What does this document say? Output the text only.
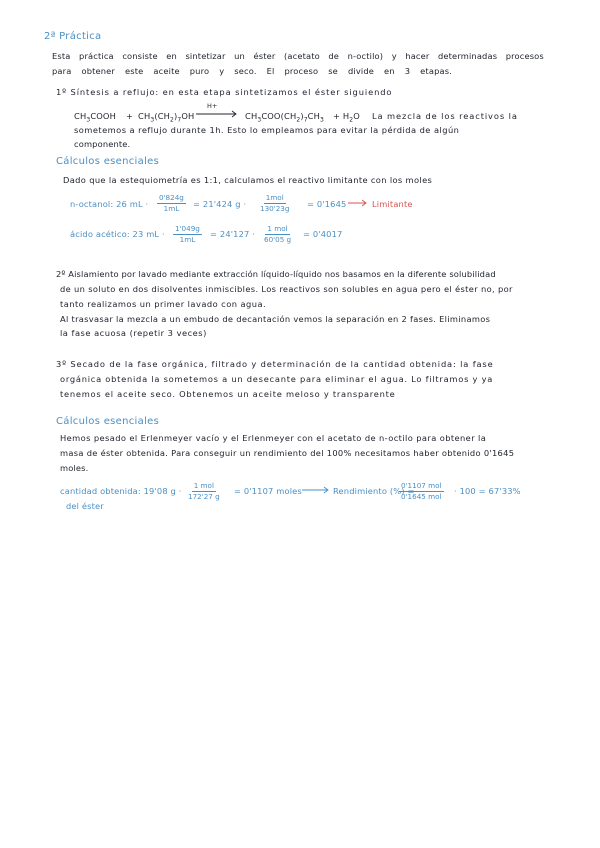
2ª Práctica
Esta práctica consiste en sintetizar un éster (acetato de n-octilo) y hacer determinadas procesos
para obtener este aceite puro y seco. El proceso se divide en 3 etapas.
1º Síntesis a reflujo: en esta etapa sintetizamos el éster siguiendo
H+
$CH_3COOH + CH_3(CH_2)_7OH \to CH_3COO(CH_2)_7CH_3 + H_2O$ La mezcla de los reactivos la
sometemos a reflujo durante 1h. Esto lo empleamos para evitar la pérdida de algún
componente.
Cálculos esenciales
Dado que la estequiometría es 1:1, calculamos el reactivo limitante con los moles
n-octanol: 26 mL · $\frac{0'824g}{1mL} = 21'424$ g ·
1mol
130'23g = 0'1645	Limitante
ácido acético: 23 mL · $\frac{1'049g}{1mL} = 24'127$ ·
1 mol
60'05 g
= 0'4017
2º Aislamiento por lavado mediante extracción líquido-líquido nos basamos en la diferente solubilidad
de un soluto en dos disolventes inmiscibles. Los reactivos son solubles en agua pero el éster no, por
tanto realizamos un primer lavado con agua.
Al trasvasar la mezcla a un embudo de decantación vemos la separación en 2 fases. Eliminamos
la fase acuosa (repetir 3 veces)
3º Secado de la fase orgánica, filtrado y determinación de la cantidad obtenida: la fase
orgánica obtenida la sometemos a un desecante para eliminar el agua. Lo filtramos y ya
tenemos el aceite seco. Obtenemos un aceite meloso y transparente
Cálculos esenciales
Hemos pesado el Erlenmeyer vacío y el Erlenmeyer con el acetato de n-octilo para obtener la
masa de éster obtenida. Para conseguir un rendimiento del 100% necesitamos haber obtenido 0'1645
moles.
cantidad obtenida: 19'08 g ·
del éster
1 mol
172'27 g
= 0'1107 moles → Rendimiento (%) =
0'1107 mol
0'1645 mol
· 100 = 67'33%
